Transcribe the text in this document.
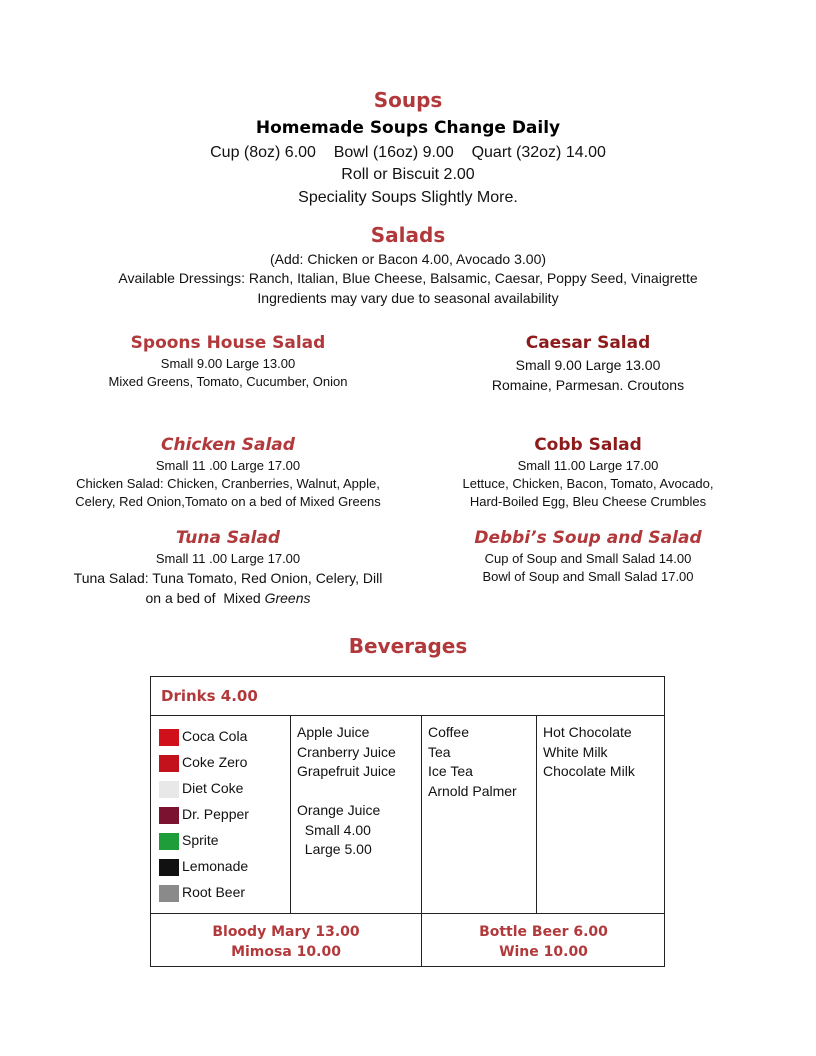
Soups
Homemade Soups Change Daily
Cup (8oz) 6.00    Bowl (16oz) 9.00    Quart (32oz) 14.00
Roll or Biscuit 2.00
Speciality Soups Slightly More.
Salads
(Add: Chicken or Bacon 4.00, Avocado 3.00)
Available Dressings: Ranch, Italian, Blue Cheese, Balsamic, Caesar, Poppy Seed, Vinaigrette
Ingredients may vary due to seasonal availability
Spoons House Salad
Small 9.00 Large 13.00
Mixed Greens, Tomato, Cucumber, Onion
Caesar Salad
Small 9.00 Large 13.00
Romaine, Parmesan. Croutons
Chicken Salad
Small 11 .00 Large 17.00
Chicken Salad: Chicken, Cranberries, Walnut, Apple,
Celery, Red Onion,Tomato on a bed of Mixed Greens
Cobb Salad
Small 11.00 Large 17.00
Lettuce, Chicken, Bacon, Tomato, Avocado,
Hard-Boiled Egg, Bleu Cheese Crumbles
Tuna Salad
Small 11 .00 Large 17.00
Tuna Salad: Tuna Tomato, Red Onion, Celery, Dill
on a bed of  Mixed Greens
Debbi’s Soup and Salad
Cup of Soup and Small Salad 14.00
Bowl of Soup and Small Salad 17.00
Beverages
Drinks 4.00
Coca Cola
Coke Zero
Diet Coke
Dr. Pepper
Sprite
Lemonade
Root Beer
Apple Juice
Cranberry Juice
Grapefruit Juice
Orange Juice
Small 4.00
Large 5.00
Coffee
Tea
Ice Tea
Arnold Palmer
Hot Chocolate
White Milk
Chocolate Milk
Bloody Mary 13.00
Mimosa 10.00
Bottle Beer 6.00
Wine 10.00
